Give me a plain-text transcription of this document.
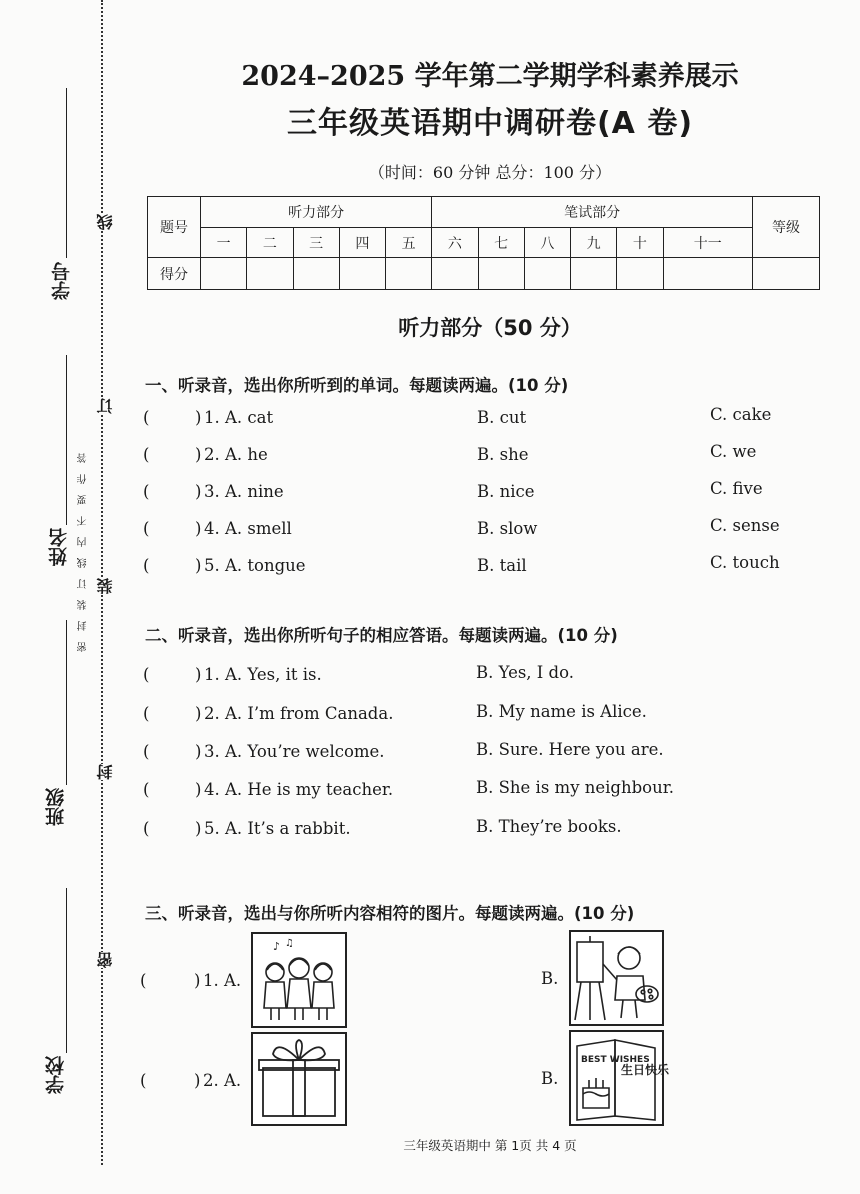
学号
姓名
班级
学校
线
订
装
封
密
密封装订线内不要作答
2024–2025 学年第二学期学科素养展示
三年级英语期中调研卷(A 卷)
（时间：60 分钟 总分：100 分）
题号	听力部分					笔试部分						等级
	一	二	三	四	五	六	七	八	九	十	十一	
得分												
听力部分（50 分）
一、听录音，选出你所听到的单词。每题读两遍。(10 分)
(	) 1. A. cat	B. cut	C. cake
(	) 2. A. he	B. she	C. we
(	) 3. A. nine	B. nice	C. five
(	) 4. A. smell	B. slow	C. sense
(	) 5. A. tongue	B. tail	C. touch
二、听录音，选出你所听句子的相应答语。每题读两遍。(10 分)
(	) 1. A. Yes, it is.	B. Yes, I do.
(	) 2. A. I’m from Canada.	B. My name is Alice.
(	) 3. A. You’re welcome.	B. Sure. Here you are.
(	) 4. A. He is my teacher.	B. She is my neighbour.
(	) 5. A. It’s a rabbit.	B. They’re books.
三、听录音，选出与你所听内容相符的图片。每题读两遍。(10 分)
(	) 1. A.
♪ ♫
B.
(	) 2. A.	B.
BEST WISHES
生日快乐
三年级英语期中 第 1页 共 4 页
